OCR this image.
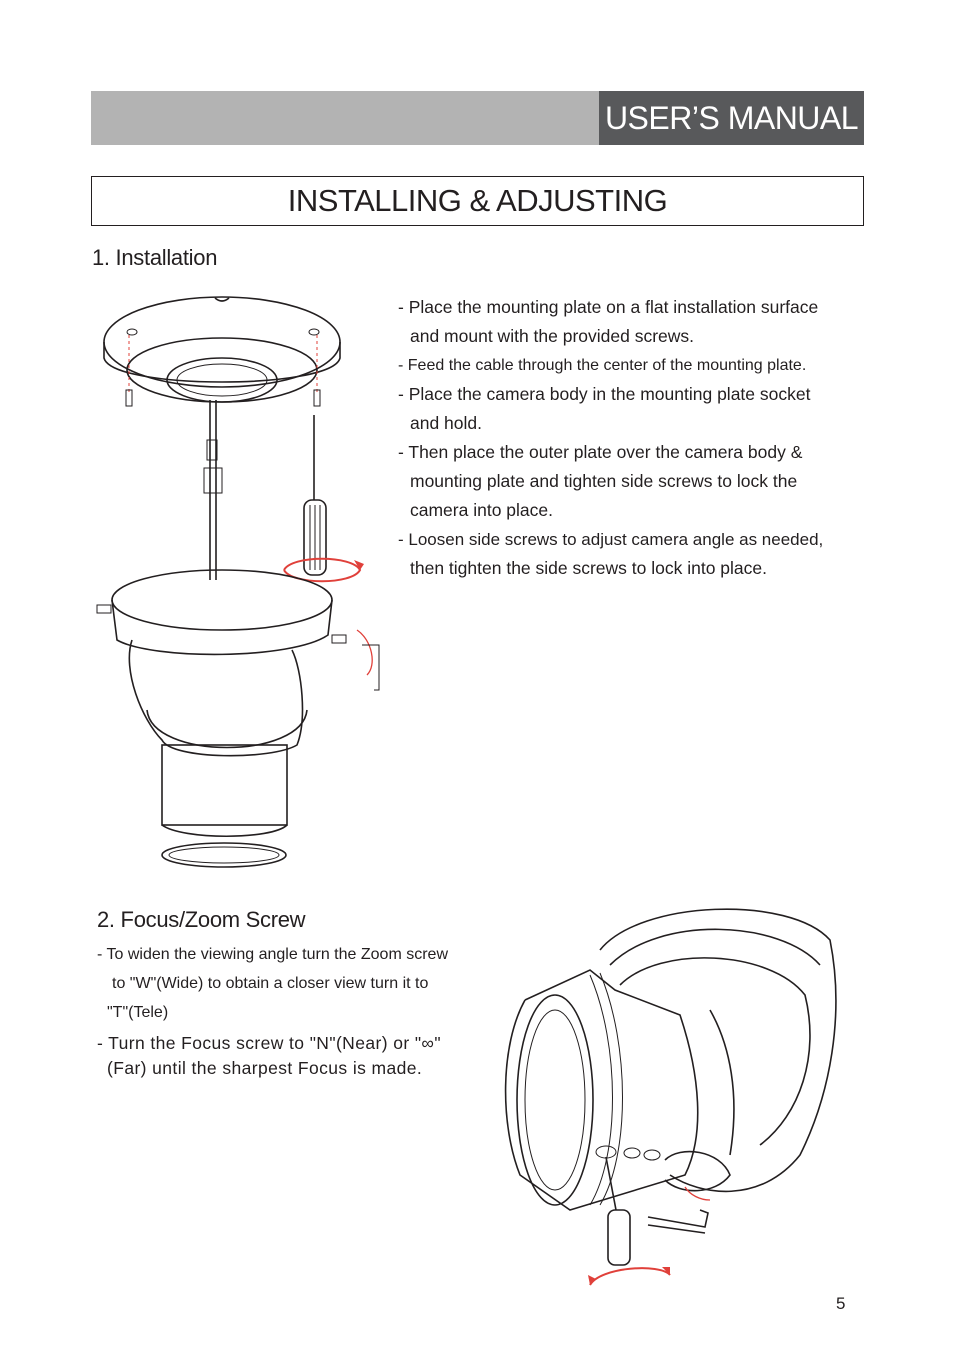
USER’S MANUAL
INSTALLING & ADJUSTING
1. Installation
- Place the mounting plate on a flat installation surface
and mount with the provided screws.
- Feed the cable through the center of the mounting plate.
- Place the camera body in the mounting plate socket
and hold.
- Then place the outer plate over the camera body &
mounting plate and tighten side screws to lock the
camera into place.
- Loosen side screws to adjust camera angle as needed,
then tighten the side screws to lock into place.
2. Focus/Zoom Screw
- To widen the viewing angle turn the Zoom screw
to "W"(Wide) to obtain a closer view turn it to
"T"(Tele)
- Turn the Focus screw to "N"(Near) or "∞"
(Far) until the sharpest Focus is made.
5
